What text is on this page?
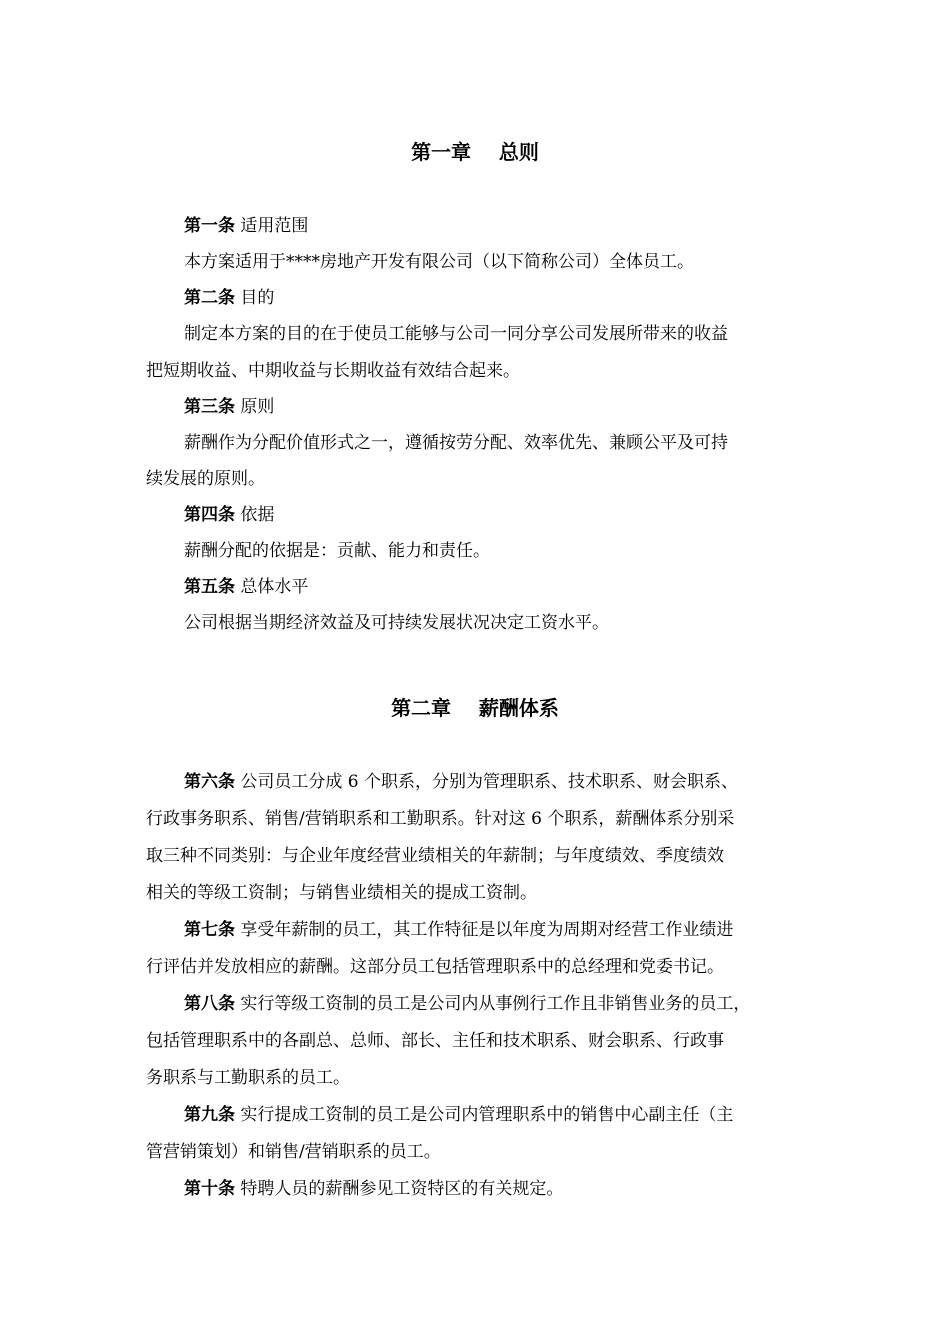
第一章    总则
第一条 适用范围
本方案适用于****房地产开发有限公司（以下简称公司）全体员工。
第二条 目的
制定本方案的目的在于使员工能够与公司一同分享公司发展所带来的收益
把短期收益、中期收益与长期收益有效结合起来。
第三条 原则
薪酬作为分配价值形式之一，遵循按劳分配、效率优先、兼顾公平及可持
续发展的原则。
第四条 依据
薪酬分配的依据是：贡献、能力和责任。
第五条 总体水平
公司根据当期经济效益及可持续发展状况决定工资水平。
第二章    薪酬体系
第六条 公司员工分成 6 个职系，分别为管理职系、技术职系、财会职系、
行政事务职系、销售/营销职系和工勤职系。针对这 6 个职系，薪酬体系分别采
取三种不同类别：与企业年度经营业绩相关的年薪制；与年度绩效、季度绩效
相关的等级工资制；与销售业绩相关的提成工资制。
第七条 享受年薪制的员工，其工作特征是以年度为周期对经营工作业绩进
行评估并发放相应的薪酬。这部分员工包括管理职系中的总经理和党委书记。
第八条 实行等级工资制的员工是公司内从事例行工作且非销售业务的员工，
包括管理职系中的各副总、总师、部长、主任和技术职系、财会职系、行政事
务职系与工勤职系的员工。
第九条 实行提成工资制的员工是公司内管理职系中的销售中心副主任（主
管营销策划）和销售/营销职系的员工。
第十条 特聘人员的薪酬参见工资特区的有关规定。
